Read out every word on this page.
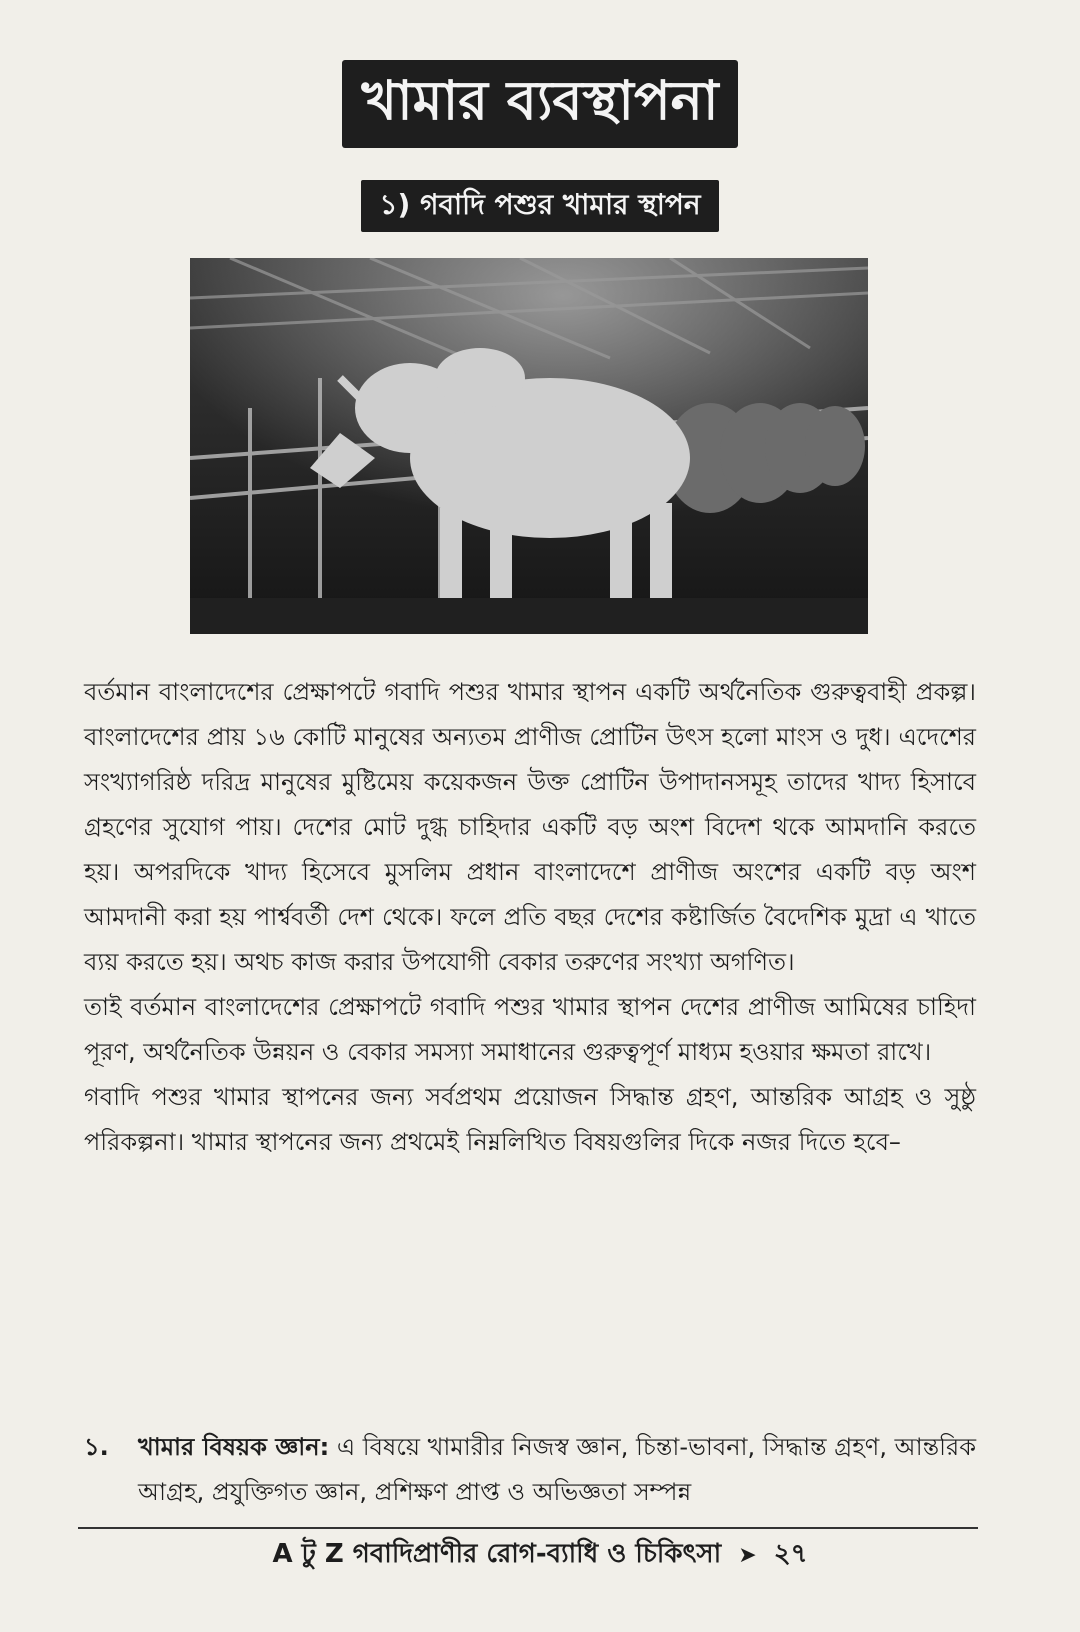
খামার ব্যবস্থাপনা
১) গবাদি পশুর খামার স্থাপন

বর্তমান বাংলাদেশের প্রেক্ষাপটে গবাদি পশুর খামার স্থাপন একটি অর্থনৈতিক গুরুত্ববাহী প্রকল্প। বাংলাদেশের প্রায় ১৬ কোটি মানুষের অন্যতম প্রাণীজ প্রোটিন উৎস হলো মাংস ও দুধ। এদেশের সংখ্যাগরিষ্ঠ দরিদ্র মানুষের মুষ্টিমেয় কয়েকজন উক্ত প্রোটিন উপাদানসমূহ তাদের খাদ্য হিসাবে গ্রহণের সুযোগ পায়। দেশের মোট দুগ্ধ চাহিদার একটি বড় অংশ বিদেশ থকে আমদানি করতে হয়। অপরদিকে খাদ্য হিসেবে মুসলিম প্রধান বাংলাদেশে প্রাণীজ অংশের একটি বড় অংশ আমদানী করা হয় পার্শ্ববর্তী দেশ থেকে। ফলে প্রতি বছর দেশের কষ্টার্জিত বৈদেশিক মুদ্রা এ খাতে ব্যয় করতে হয়। অথচ কাজ করার উপযোগী বেকার তরুণের সংখ্যা অগণিত।

তাই বর্তমান বাংলাদেশের প্রেক্ষাপটে গবাদি পশুর খামার স্থাপন দেশের প্রাণীজ আমিষের চাহিদা পূরণ, অর্থনৈতিক উন্নয়ন ও বেকার সমস্যা সমাধানের গুরুত্বপূর্ণ মাধ্যম হওয়ার ক্ষমতা রাখে।

গবাদি পশুর খামার স্থাপনের জন্য সর্বপ্রথম প্রয়োজন সিদ্ধান্ত গ্রহণ, আন্তরিক আগ্রহ ও সুষ্ঠু পরিকল্পনা। খামার স্থাপনের জন্য প্রথমেই নিম্নলিখিত বিষয়গুলির দিকে নজর দিতে হবে–

১.	খামার বিষয়ক জ্ঞান: এ বিষয়ে খামারীর নিজস্ব জ্ঞান, চিন্তা-ভাবনা, সিদ্ধান্ত গ্রহণ, আন্তরিক আগ্রহ, প্রযুক্তিগত জ্ঞান, প্রশিক্ষণ প্রাপ্ত ও অভিজ্ঞতা সম্পন্ন
A টু Z গবাদিপ্রাণীর রোগ-ব্যাধি ও চিকিৎসা ➤ ২৭
